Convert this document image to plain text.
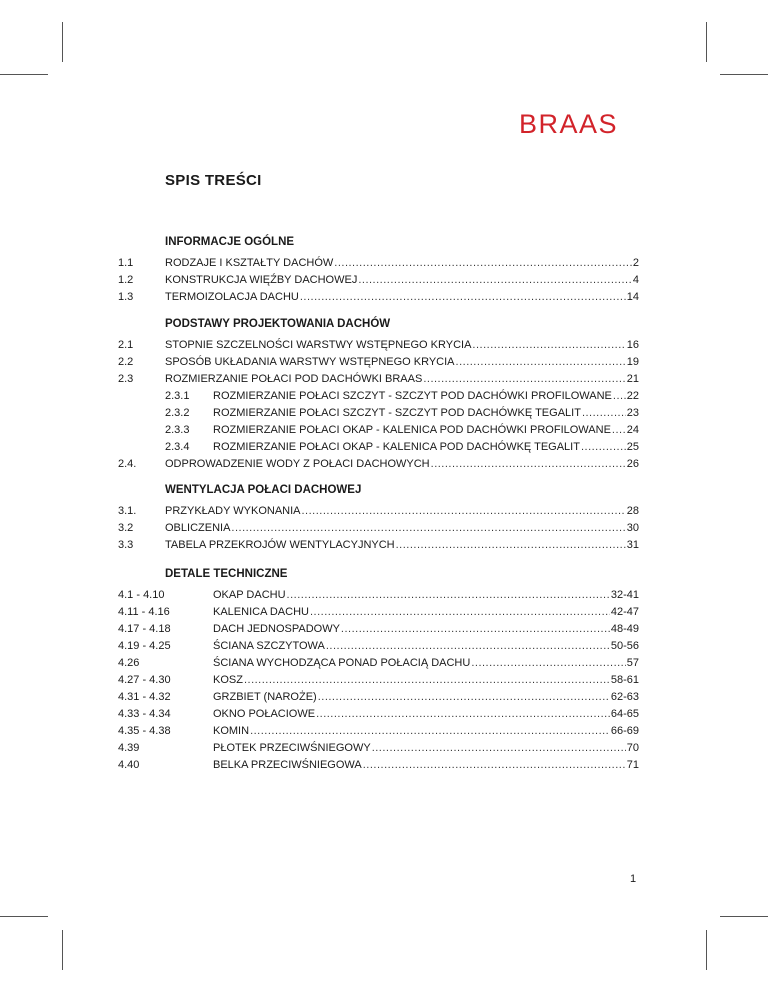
BRAAS
SPIS TREŚCI
INFORMACJE OGÓLNE
1.1	RODZAJE I KSZTAŁTY DACHÓW .....	2
1.2	KONSTRUKCJA WIĘŹBY DACHOWEJ .....	4
1.3	TERMOIZOLACJA DACHU .....	14
PODSTAWY PROJEKTOWANIA DACHÓW
2.1	STOPNIE SZCZELNOŚCI WARSTWY WSTĘPNEGO KRYCIA .....	16
2.2	SPOSÓB UKŁADANIA WARSTWY WSTĘPNEGO KRYCIA .....	19
2.3	ROZMIERZANIE POŁACI POD DACHÓWKI BRAAS .....	21
2.3.1 ROZMIERZANIE POŁACI SZCZYT - SZCZYT POD DACHÓWKI PROFILOWANE ..... 22
2.3.2 ROZMIERZANIE POŁACI SZCZYT - SZCZYT POD DACHÓWKĘ TEGALIT .....	23
2.3.3 ROZMIERZANIE POŁACI OKAP - KALENICA POD DACHÓWKI PROFILOWANE ..... 24
2.3.4 ROZMIERZANIE POŁACI OKAP - KALENICA POD DACHÓWKĘ TEGALIT .....	25
2.4.	ODPROWADZENIE WODY Z POŁACI DACHOWYCH .....	26
WENTYLACJA POŁACI DACHOWEJ
3.1.	PRZYKŁADY WYKONANIA .....	28
3.2	OBLICZENIA .....	30
3.3	TABELA PRZEKROJÓW WENTYLACYJNYCH .....	31
DETALE TECHNICZNE
4.1 - 4.10	OKAP DACHU .....	32-41
4.11 - 4.16	KALENICA DACHU .....	42-47
4.17 - 4.18	DACH JEDNOSPADOWY .....	48-49
4.19 - 4.25	ŚCIANA SZCZYTOWA .....	50-56
4.26	ŚCIANA WYCHODZĄCA PONAD POŁACIĄ DACHU .....	57
4.27 - 4.30	KOSZ .....	58-61
4.31 - 4.32	GRZBIET (NAROŻE) .....	62-63
4.33 - 4.34	OKNO POŁACIOWE .....	64-65
4.35 - 4.38	KOMIN .....	66-69
4.39	PŁOTEK PRZECIWŚNIEGOWY .....	70
4.40	BELKA PRZECIWŚNIEGOWA .....	71
1
